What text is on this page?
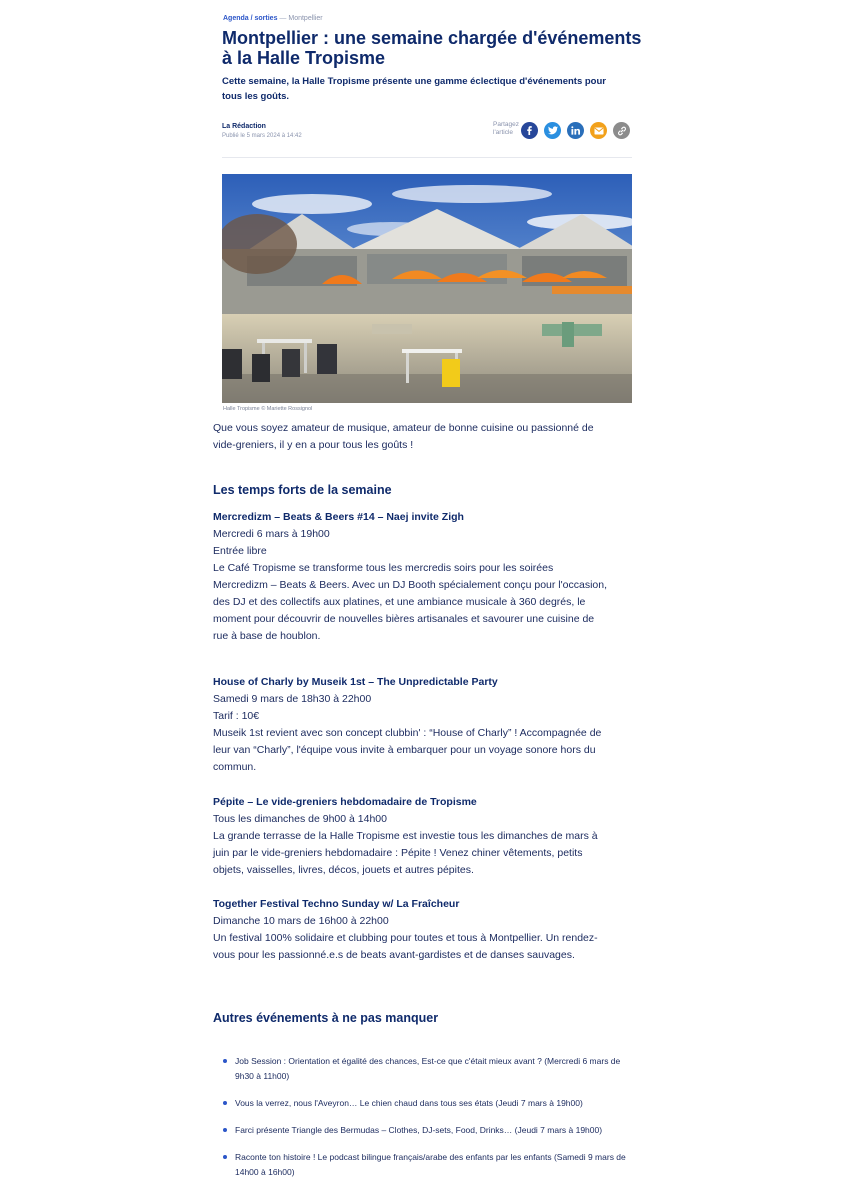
Agenda / sorties — Montpellier
Montpellier : une semaine chargée d'événements à la Halle Tropisme

Cette semaine, la Halle Tropisme présente une gamme éclectique d'événements pour tous les goûts.

La Rédaction
Publié le 5 mars 2024 à 14:42
Partagez l'article
Halle Tropisme © Mariette Rossignol

Que vous soyez amateur de musique, amateur de bonne cuisine ou passionné de vide-greniers, il y en a pour tous les goûts !

Les temps forts de la semaine
Mercredizm – Beats & Beers #14 – Naej invite Zigh
Mercredi 6 mars à 19h00
Entrée libre
Le Café Tropisme se transforme tous les mercredis soirs pour les soirées Mercredizm – Beats & Beers. Avec un DJ Booth spécialement conçu pour l'occasion, des DJ et des collectifs aux platines, et une ambiance musicale à 360 degrés, le moment pour découvrir de nouvelles bières artisanales et savourer une cuisine de rue à base de houblon.
House of Charly by Museik 1st – The Unpredictable Party
Samedi 9 mars de 18h30 à 22h00
Tarif : 10€
Museik 1st revient avec son concept clubbin' : “House of Charly” ! Accompagnée de leur van “Charly”, l'équipe vous invite à embarquer pour un voyage sonore hors du commun.
Pépite – Le vide-greniers hebdomadaire de Tropisme
Tous les dimanches de 9h00 à 14h00
La grande terrasse de la Halle Tropisme est investie tous les dimanches de mars à juin par le vide-greniers hebdomadaire : Pépite ! Venez chiner vêtements, petits objets, vaisselles, livres, décos, jouets et autres pépites.
Together Festival Techno Sunday w/ La Fraîcheur
Dimanche 10 mars de 16h00 à 22h00
Un festival 100% solidaire et clubbing pour toutes et tous à Montpellier. Un rendez-vous pour les passionné.e.s de beats avant-gardistes et de danses sauvages.
Autres événements à ne pas manquer
Job Session : Orientation et égalité des chances, Est-ce que c'était mieux avant ? (Mercredi 6 mars de 9h30 à 11h00)
Vous la verrez, nous l'Aveyron… Le chien chaud dans tous ses états (Jeudi 7 mars à 19h00)
Farci présente Triangle des Bermudas – Clothes, DJ-sets, Food, Drinks… (Jeudi 7 mars à 19h00)
Raconte ton histoire ! Le podcast bilingue français/arabe des enfants par les enfants (Samedi 9 mars de 14h00 à 16h00)
